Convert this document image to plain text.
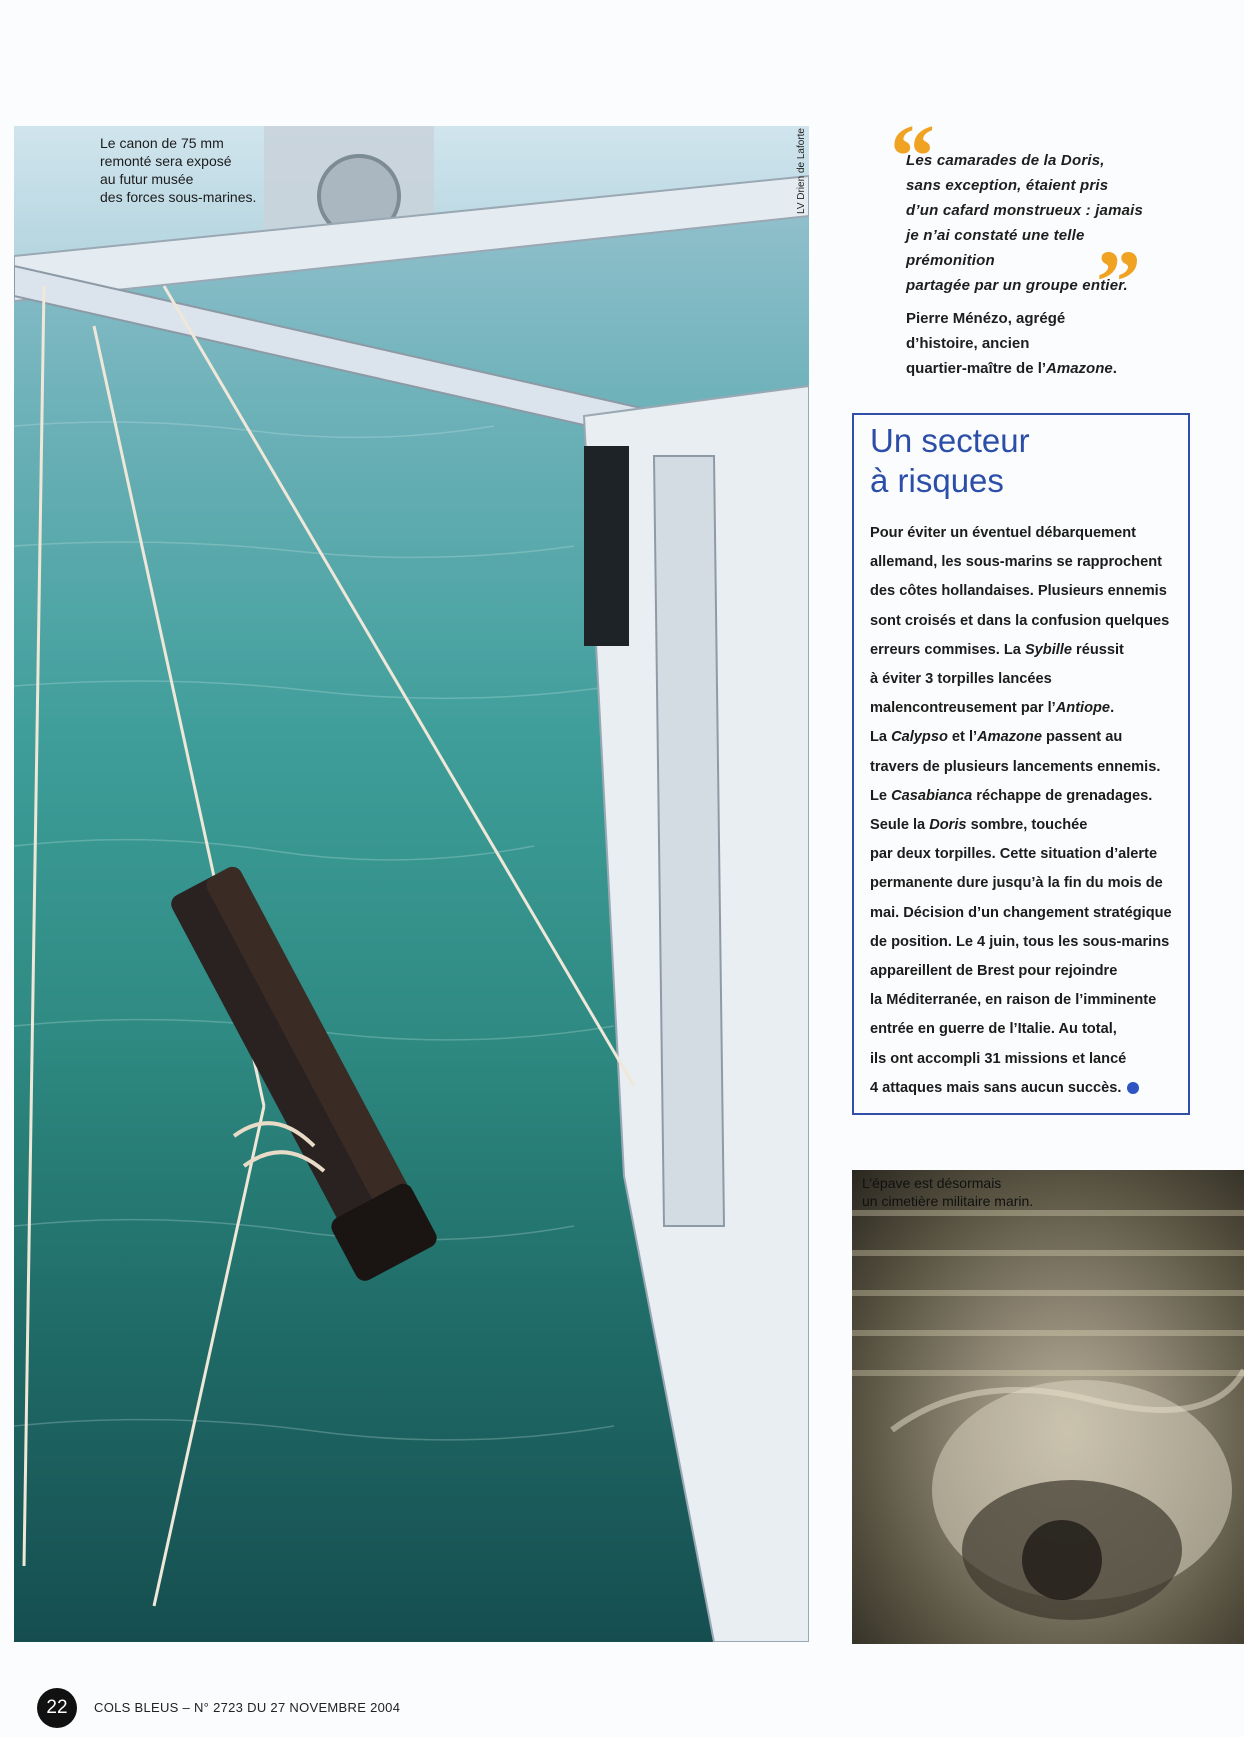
LV Drien de Laforte
Le canon de 75 mm
remonté sera exposé
au futur musée
des forces sous-marines.	“
Les camarades de la Doris,
sans exception, étaient pris
d’un cafard monstrueux : jamais
je n’ai constaté une telle prémonition
partagée par un groupe entier.
”
Pierre Ménézo, agrégé
d’histoire, ancien
quartier-maître de l’Amazone.
Un secteur
à risques
Pour éviter un éventuel débarquement
allemand, les sous-marins se rapprochent
des côtes hollandaises. Plusieurs ennemis
sont croisés et dans la confusion quelques
erreurs commises. La Sybille réussit
à éviter 3 torpilles lancées
malencontreusement par l’Antiope.
La Calypso et l’Amazone passent au
travers de plusieurs lancements ennemis.
Le Casabianca réchappe de grenadages.
Seule la Doris sombre, touchée
par deux torpilles. Cette situation d’alerte
permanente dure jusqu’à la fin du mois de
mai. Décision d’un changement stratégique
de position. Le 4 juin, tous les sous-marins
appareillent de Brest pour rejoindre
la Méditerranée, en raison de l’imminente
entrée en guerre de l’Italie. Au total,
ils ont accompli 31 missions et lancé
4 attaques mais sans aucun succès.
L’épave est désormais
un cimetière militaire marin.
22	COLS BLEUS – N° 2723 DU 27 NOVEMBRE 2004
